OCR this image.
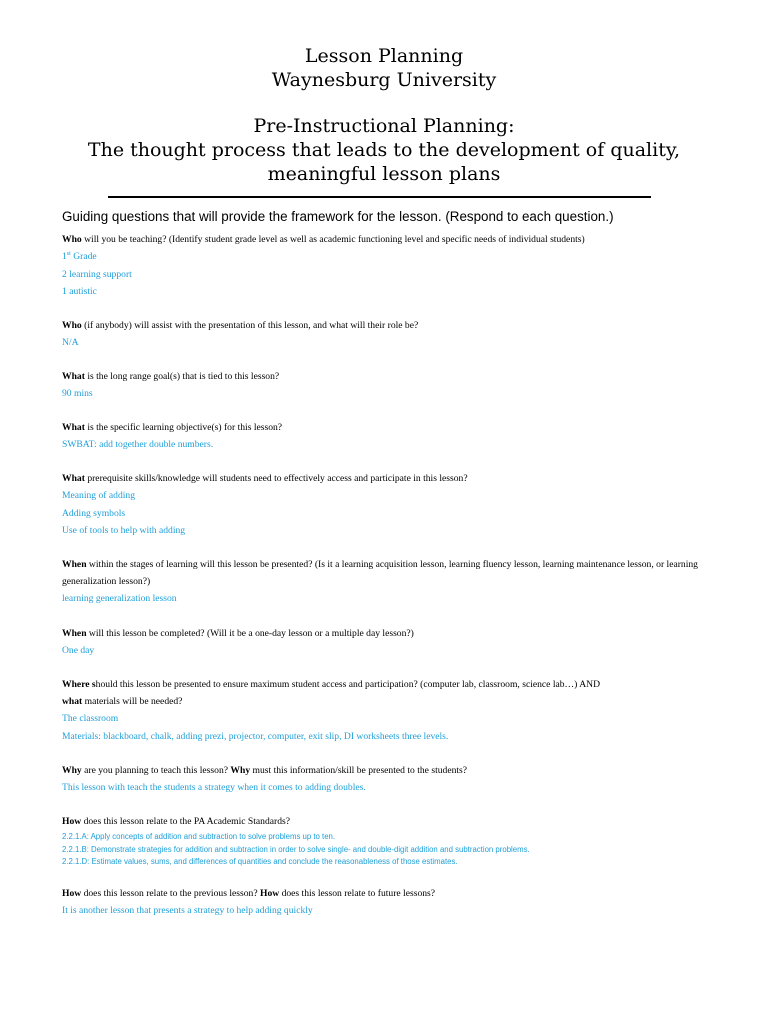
Lesson Planning
Waynesburg University
Pre-Instructional Planning:
The thought process that leads to the development of quality,
meaningful lesson plans
Guiding questions that will provide the framework for the lesson. (Respond to each question.)
Who will you be teaching? (Identify student grade level as well as academic functioning level and specific needs of individual students)
1st Grade
2 learning support
1 autistic
Who (if anybody) will assist with the presentation of this lesson, and what will their role be?
N/A
What is the long range goal(s) that is tied to this lesson?
90 mins
What is the specific learning objective(s) for this lesson?
SWBAT: add together double numbers.
What prerequisite skills/knowledge will students need to effectively access and participate in this lesson?
Meaning of adding
Adding symbols
Use of tools to help with adding
When within the stages of learning will this lesson be presented? (Is it a learning acquisition lesson, learning fluency lesson, learning maintenance lesson, or learning generalization lesson?)
learning generalization lesson
When will this lesson be completed? (Will it be a one-day lesson or a multiple day lesson?)
One day
Where should this lesson be presented to ensure maximum student access and participation? (computer lab, classroom, science lab…) AND
what materials will be needed?
The classroom
Materials: blackboard, chalk, adding prezi, projector, computer, exit slip, DI worksheets three levels.
Why are you planning to teach this lesson? Why must this information/skill be presented to the students?
This lesson with teach the students a strategy when it comes to adding doubles.
How does this lesson relate to the PA Academic Standards?
2.2.1.A: Apply concepts of addition and subtraction to solve problems up to ten.
2.2.1.B: Demonstrate strategies for addition and subtraction in order to solve single- and double-digit addition and subtraction problems.
2.2.1.D: Estimate values, sums, and differences of quantities and conclude the reasonableness of those estimates.
How does this lesson relate to the previous lesson? How does this lesson relate to future lessons?
It is another lesson that presents a strategy to help adding quickly
